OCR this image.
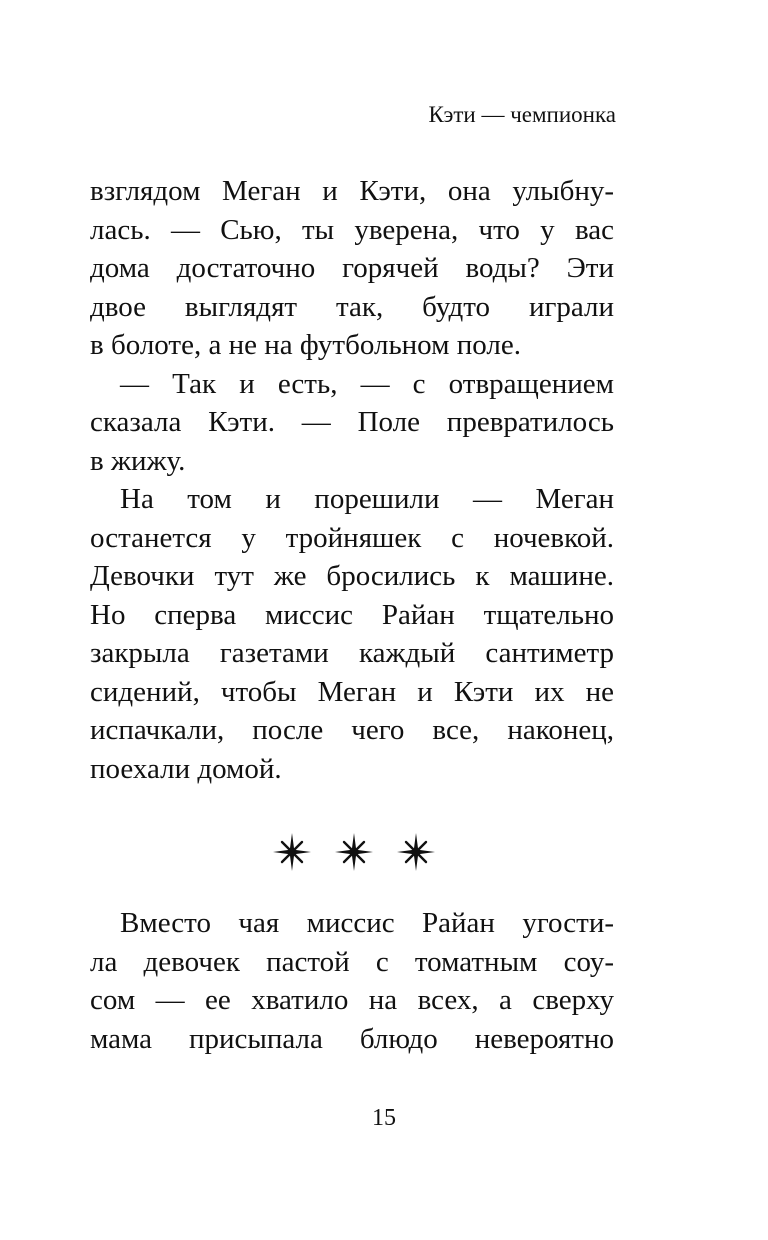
Кэти — чемпионка
взглядом Меган и Кэти, она улыбну-
лась. — Сью, ты уверена, что у вас
дома достаточно горячей воды? Эти
двое выглядят так, будто играли
в болоте, а не на футбольном поле.
— Так и есть, — с отвращением
сказала Кэти. — Поле превратилось
в жижу.
На том и порешили — Меган
останется у тройняшек с ночевкой.
Девочки тут же бросились к машине.
Но сперва миссис Райан тщательно
закрыла газетами каждый сантиметр
сидений, чтобы Меган и Кэти их не
испачкали, после чего все, наконец,
поехали домой.
Вместо чая миссис Райан угости-
ла девочек пастой с томатным соу-
сом — ее хватило на всех, а сверху
мама присыпала блюдо невероятно
15
